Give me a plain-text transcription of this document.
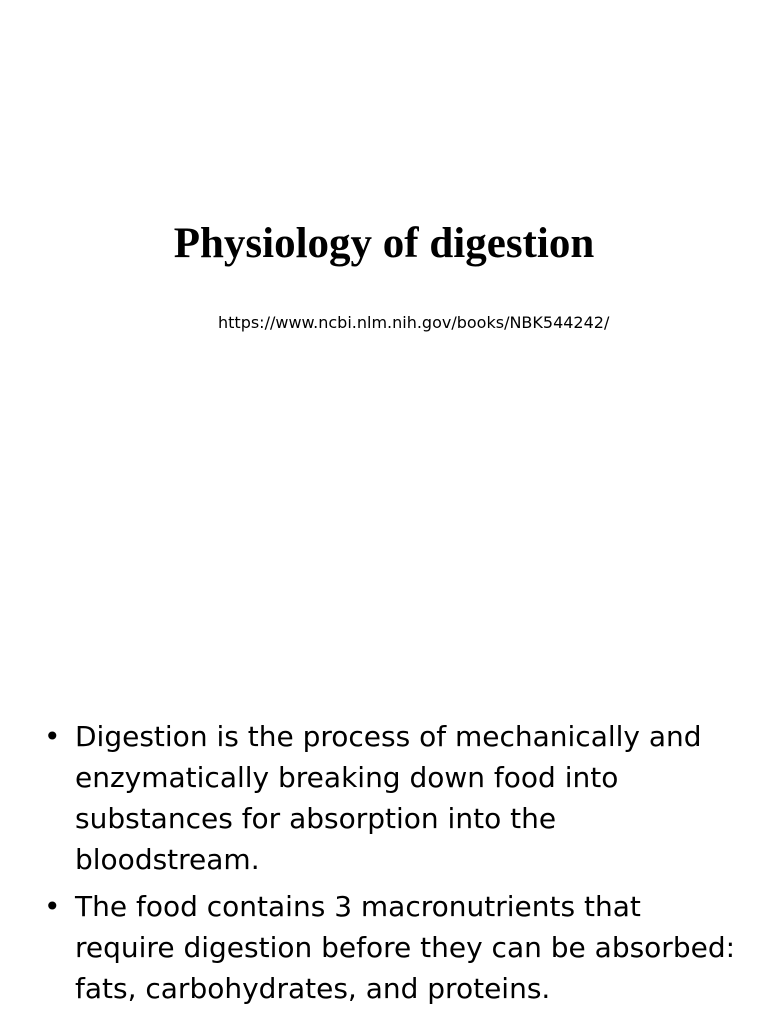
Physiology of digestion
https://www.ncbi.nlm.nih.gov/books/NBK544242/
• Digestion is the process of mechanically and enzymatically breaking down food into substances for absorption into the bloodstream.
• The food contains 3 macronutrients that require digestion before they can be absorbed: fats, carbohydrates, and proteins.
